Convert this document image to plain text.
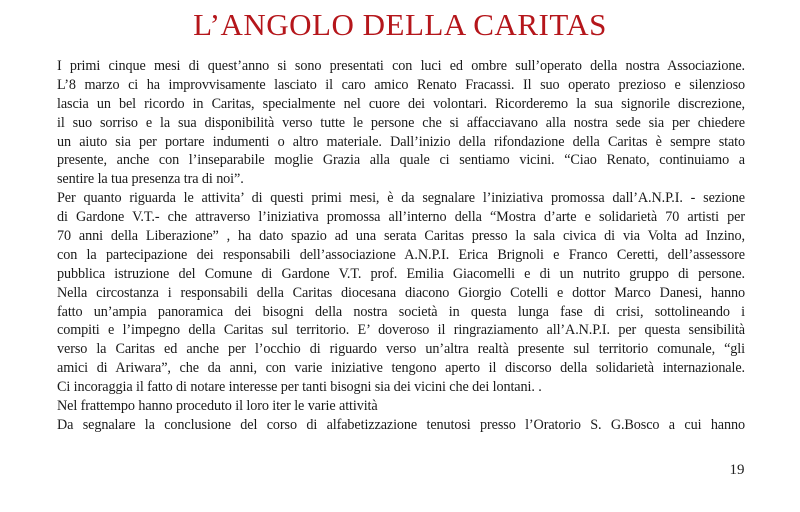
L’ANGOLO DELLA CARITAS
I primi cinque mesi di quest’anno si sono presentati con luci ed ombre sull’operato della nostra Associazione.
L’8 marzo ci ha improvvisamente lasciato il caro amico Renato Fracassi. Il suo operato prezioso e silenzioso
lascia un bel ricordo in Caritas, specialmente nel cuore dei volontari. Ricorderemo la sua signorile discrezione,
il suo sorriso e la sua disponibilità verso tutte le persone che si affacciavano alla nostra sede sia per chiedere
un aiuto sia per portare indumenti o altro materiale. Dall’inizio della rifondazione della Caritas è sempre stato
presente, anche con l’inseparabile moglie Grazia alla quale ci sentiamo vicini. “Ciao Renato, continuiamo a
sentire la tua presenza tra di noi”.
Per quanto riguarda le attivita’ di questi primi mesi, è da segnalare l’iniziativa promossa dall’A.N.P.I. - sezione
di Gardone V.T.- che attraverso l’iniziativa promossa all’interno della “Mostra d’arte e solidarietà 70 artisti per
70 anni della Liberazione” , ha dato spazio ad una serata Caritas presso la sala civica di via Volta ad Inzino,
con la partecipazione dei responsabili dell’associazione A.N.P.I. Erica Brignoli e Franco Ceretti, dell’assessore
pubblica istruzione del Comune di Gardone V.T. prof. Emilia Giacomelli e di un nutrito gruppo di persone.
Nella circostanza i responsabili della Caritas diocesana diacono Giorgio Cotelli e dottor Marco Danesi, hanno
fatto un’ampia panoramica dei bisogni della nostra società in questa lunga fase di crisi, sottolineando i
compiti e l’impegno della Caritas sul territorio. E’ doveroso il ringraziamento all’A.N.P.I. per questa sensibilità
verso la Caritas ed anche per l’occhio di riguardo verso un’altra realtà presente sul territorio comunale, “gli
amici di Ariwara”, che da anni, con varie iniziative tengono aperto il discorso della solidarietà internazionale.
Ci incoraggia il fatto di notare interesse per tanti bisogni sia dei vicini che dei lontani. .
Nel frattempo hanno proceduto il loro iter le varie attività
Da segnalare la conclusione del corso di alfabetizzazione tenutosi presso l’Oratorio S. G.Bosco a cui hanno
19
